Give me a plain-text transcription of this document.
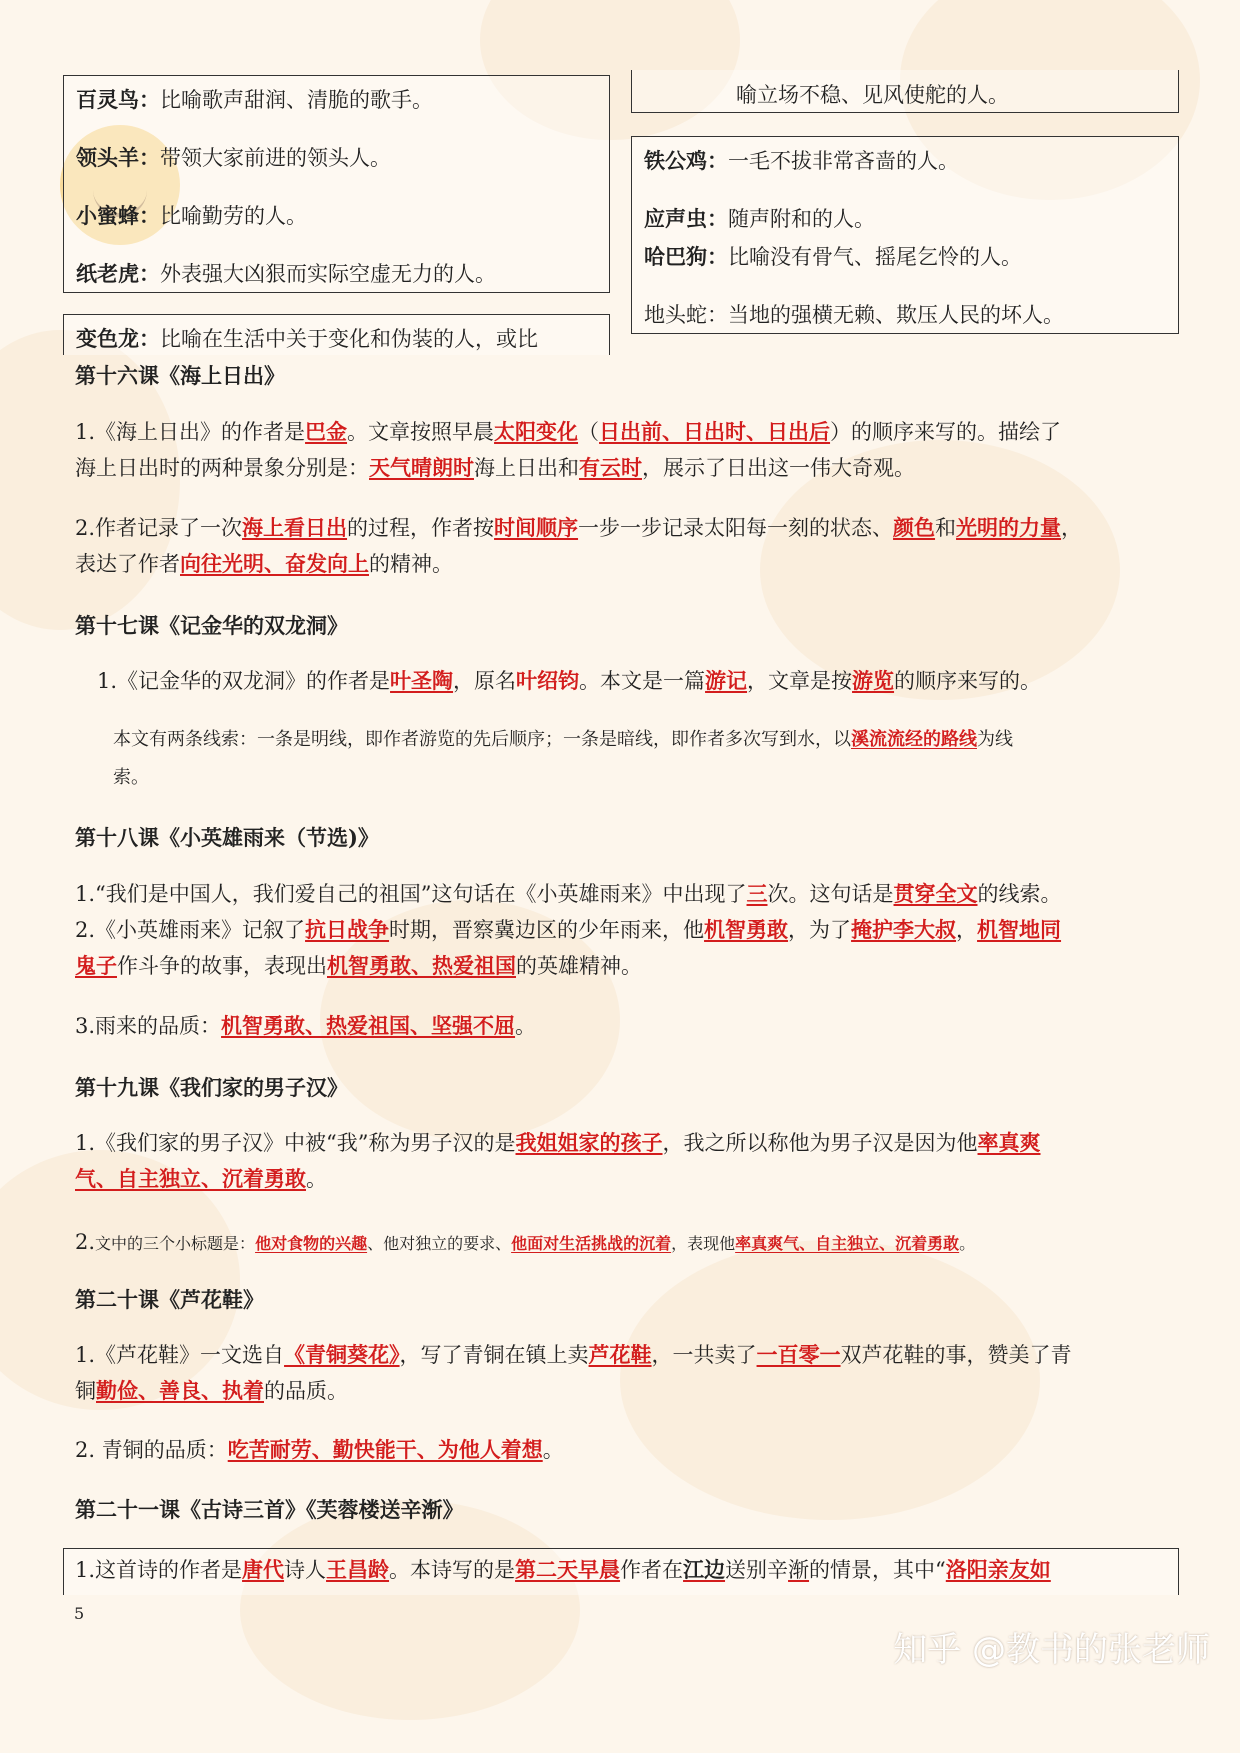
百灵鸟：比喻歌声甜润、清脆的歌手。
领头羊：带领大家前进的领头人。
小蜜蜂：比喻勤劳的人。
纸老虎：外表强大凶狠而实际空虚无力的人。
变色龙：比喻在生活中关于变化和伪装的人，或比
喻立场不稳、见风使舵的人。
铁公鸡：一毛不拔非常吝啬的人。
应声虫：随声附和的人。
哈巴狗：比喻没有骨气、摇尾乞怜的人。
地头蛇：当地的强横无赖、欺压人民的坏人。
第十六课《海上日出》
1.《海上日出》的作者是巴金。文章按照早晨太阳变化（日出前、日出时、日出后）的顺序来写的。描绘了
海上日出时的两种景象分别是：天气晴朗时海上日出和有云时，展示了日出这一伟大奇观。
2.作者记录了一次海上看日出的过程，作者按时间顺序一步一步记录太阳每一刻的状态、颜色和光明的力量，
表达了作者向往光明、奋发向上的精神。
第十七课《记金华的双龙洞》
1.《记金华的双龙洞》的作者是叶圣陶，原名叶绍钧。本文是一篇游记，文章是按游览的顺序来写的。
本文有两条线索：一条是明线，即作者游览的先后顺序；一条是暗线，即作者多次写到水，以溪流流经的路线为线
索。
第十八课《小英雄雨来（节选)》
1.“我们是中国人，我们爱自己的祖国”这句话在《小英雄雨来》中出现了三次。这句话是贯穿全文的线索。
2.《小英雄雨来》记叙了抗日战争时期，晋察冀边区的少年雨来，他机智勇敢，为了掩护李大叔，机智地同
鬼子作斗争的故事，表现出机智勇敢、热爱祖国的英雄精神。
3.雨来的品质：机智勇敢、热爱祖国、坚强不屈。
第十九课《我们家的男子汉》
1.《我们家的男子汉》中被“我”称为男子汉的是我姐姐家的孩子，我之所以称他为男子汉是因为他率真爽
气、自主独立、沉着勇敢。
2.文中的三个小标题是：他对食物的兴趣、他对独立的要求、他面对生活挑战的沉着，表现他率真爽气、自主独立、沉着勇敢。
第二十课《芦花鞋》
1.《芦花鞋》一文选自《青铜葵花》，写了青铜在镇上卖芦花鞋，一共卖了一百零一双芦花鞋的事，赞美了青
铜勤俭、善良、执着的品质。
2. 青铜的品质：吃苦耐劳、勤快能干、为他人着想。
第二十一课《古诗三首》《芙蓉楼送辛渐》
1.这首诗的作者是唐代诗人王昌龄。本诗写的是第二天早晨作者在江边送别辛渐的情景，其中“洛阳亲友如
5
知乎 @教书的张老师
